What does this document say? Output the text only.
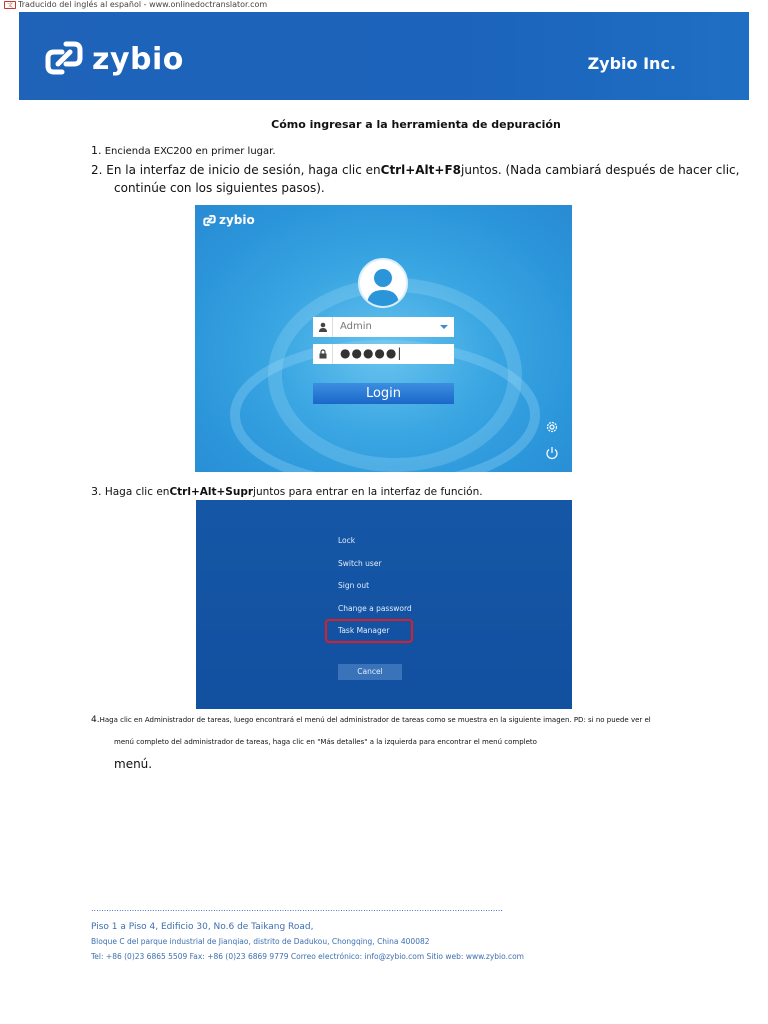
文 Traducido del inglés al español - www.onlinedoctranslator.com
zybio	Zybio Inc.
Cómo ingresar a la herramienta de depuración
1. Encienda EXC200 en primer lugar.
2. En la interfaz de inicio de sesión, haga clic enCtrl+Alt+F8juntos. (Nada cambiará después de hacer clic,
continúe con los siguientes pasos).
zybio
Admin
●●●●●|
Login
3. Haga clic enCtrl+Alt+Suprjuntos para entrar en la interfaz de función.
Lock
Switch user
Sign out
Change a password
Task Manager
Cancel
4.Haga clic en Administrador de tareas, luego encontrará el menú del administrador de tareas como se muestra en la siguiente imagen. PD: si no puede ver el
menú completo del administrador de tareas, haga clic en "Más detalles" a la izquierda para encontrar el menú completo
menú.
..................................................................................................................................................................
Piso 1 a Piso 4, Edificio 30, No.6 de Taikang Road,
Bloque C del parque industrial de Jianqiao, distrito de Dadukou, Chongqing, China 400082
Tel: +86 (0)23 6865 5509 Fax: +86 (0)23 6869 9779 Correo electrónico: info@zybio.com Sitio web: www.zybio.com
